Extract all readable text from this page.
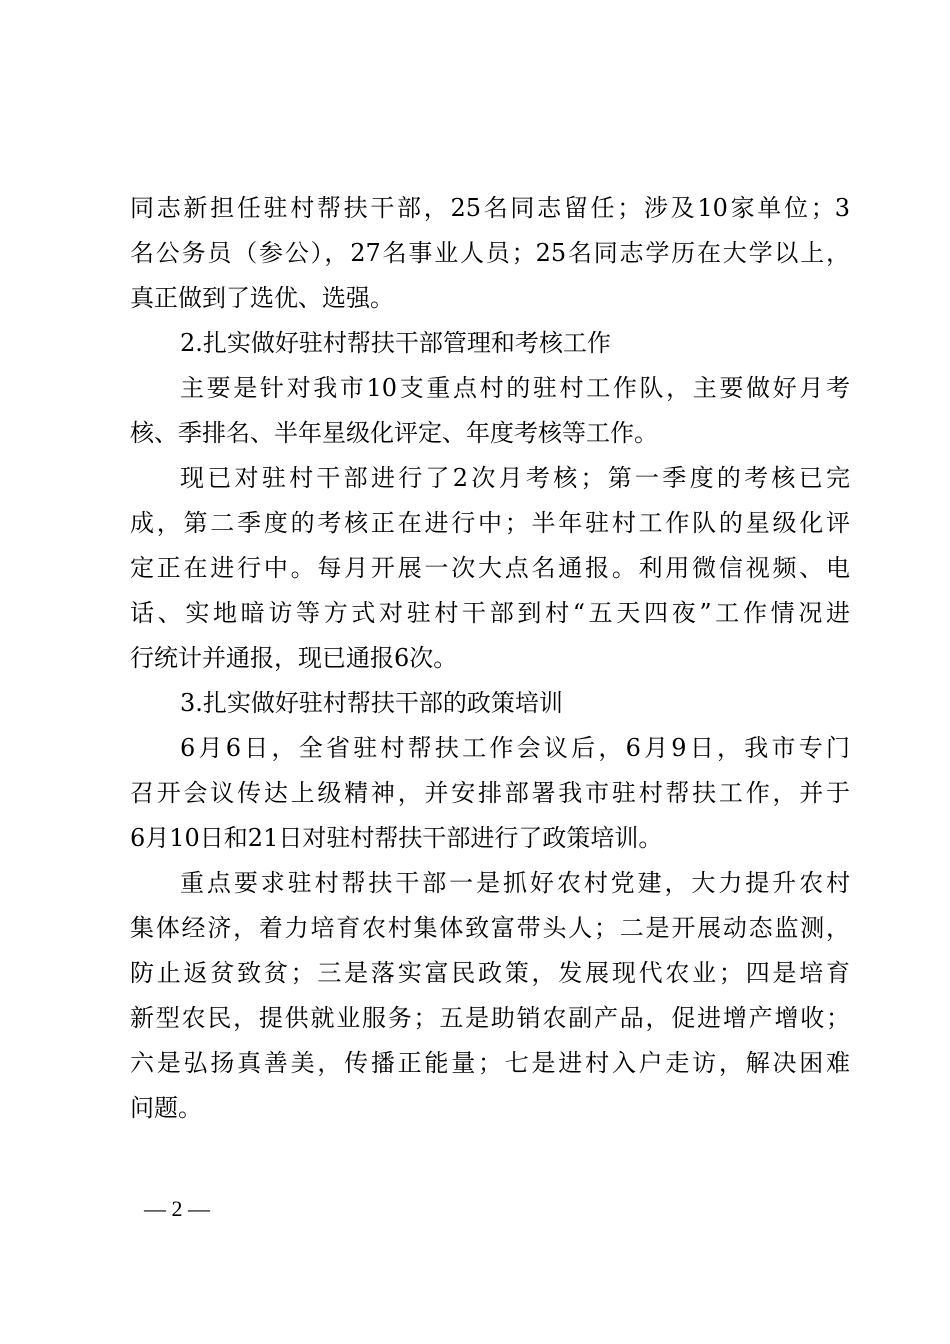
同志新担任驻村帮扶干部，25名同志留任；涉及10家单位；3
名公务员（参公），27名事业人员；25名同志学历在大学以上，
真正做到了选优、选强。
2.扎实做好驻村帮扶干部管理和考核工作
主要是针对我市10支重点村的驻村工作队，主要做好月考
核、季排名、半年星级化评定、年度考核等工作。
现已对驻村干部进行了2次月考核；第一季度的考核已完
成，第二季度的考核正在进行中；半年驻村工作队的星级化评
定正在进行中。每月开展一次大点名通报。利用微信视频、电
话、实地暗访等方式对驻村干部到村“五天四夜”工作情况进
行统计并通报，现已通报6次。
3.扎实做好驻村帮扶干部的政策培训
6月6日，全省驻村帮扶工作会议后，6月9日，我市专门
召开会议传达上级精神，并安排部署我市驻村帮扶工作，并于
6月10日和21日对驻村帮扶干部进行了政策培训。
重点要求驻村帮扶干部一是抓好农村党建，大力提升农村
集体经济，着力培育农村集体致富带头人；二是开展动态监测，
防止返贫致贫；三是落实富民政策，发展现代农业；四是培育
新型农民，提供就业服务；五是助销农副产品，促进增产增收；
六是弘扬真善美，传播正能量；七是进村入户走访，解决困难
问题。
— 2 —
